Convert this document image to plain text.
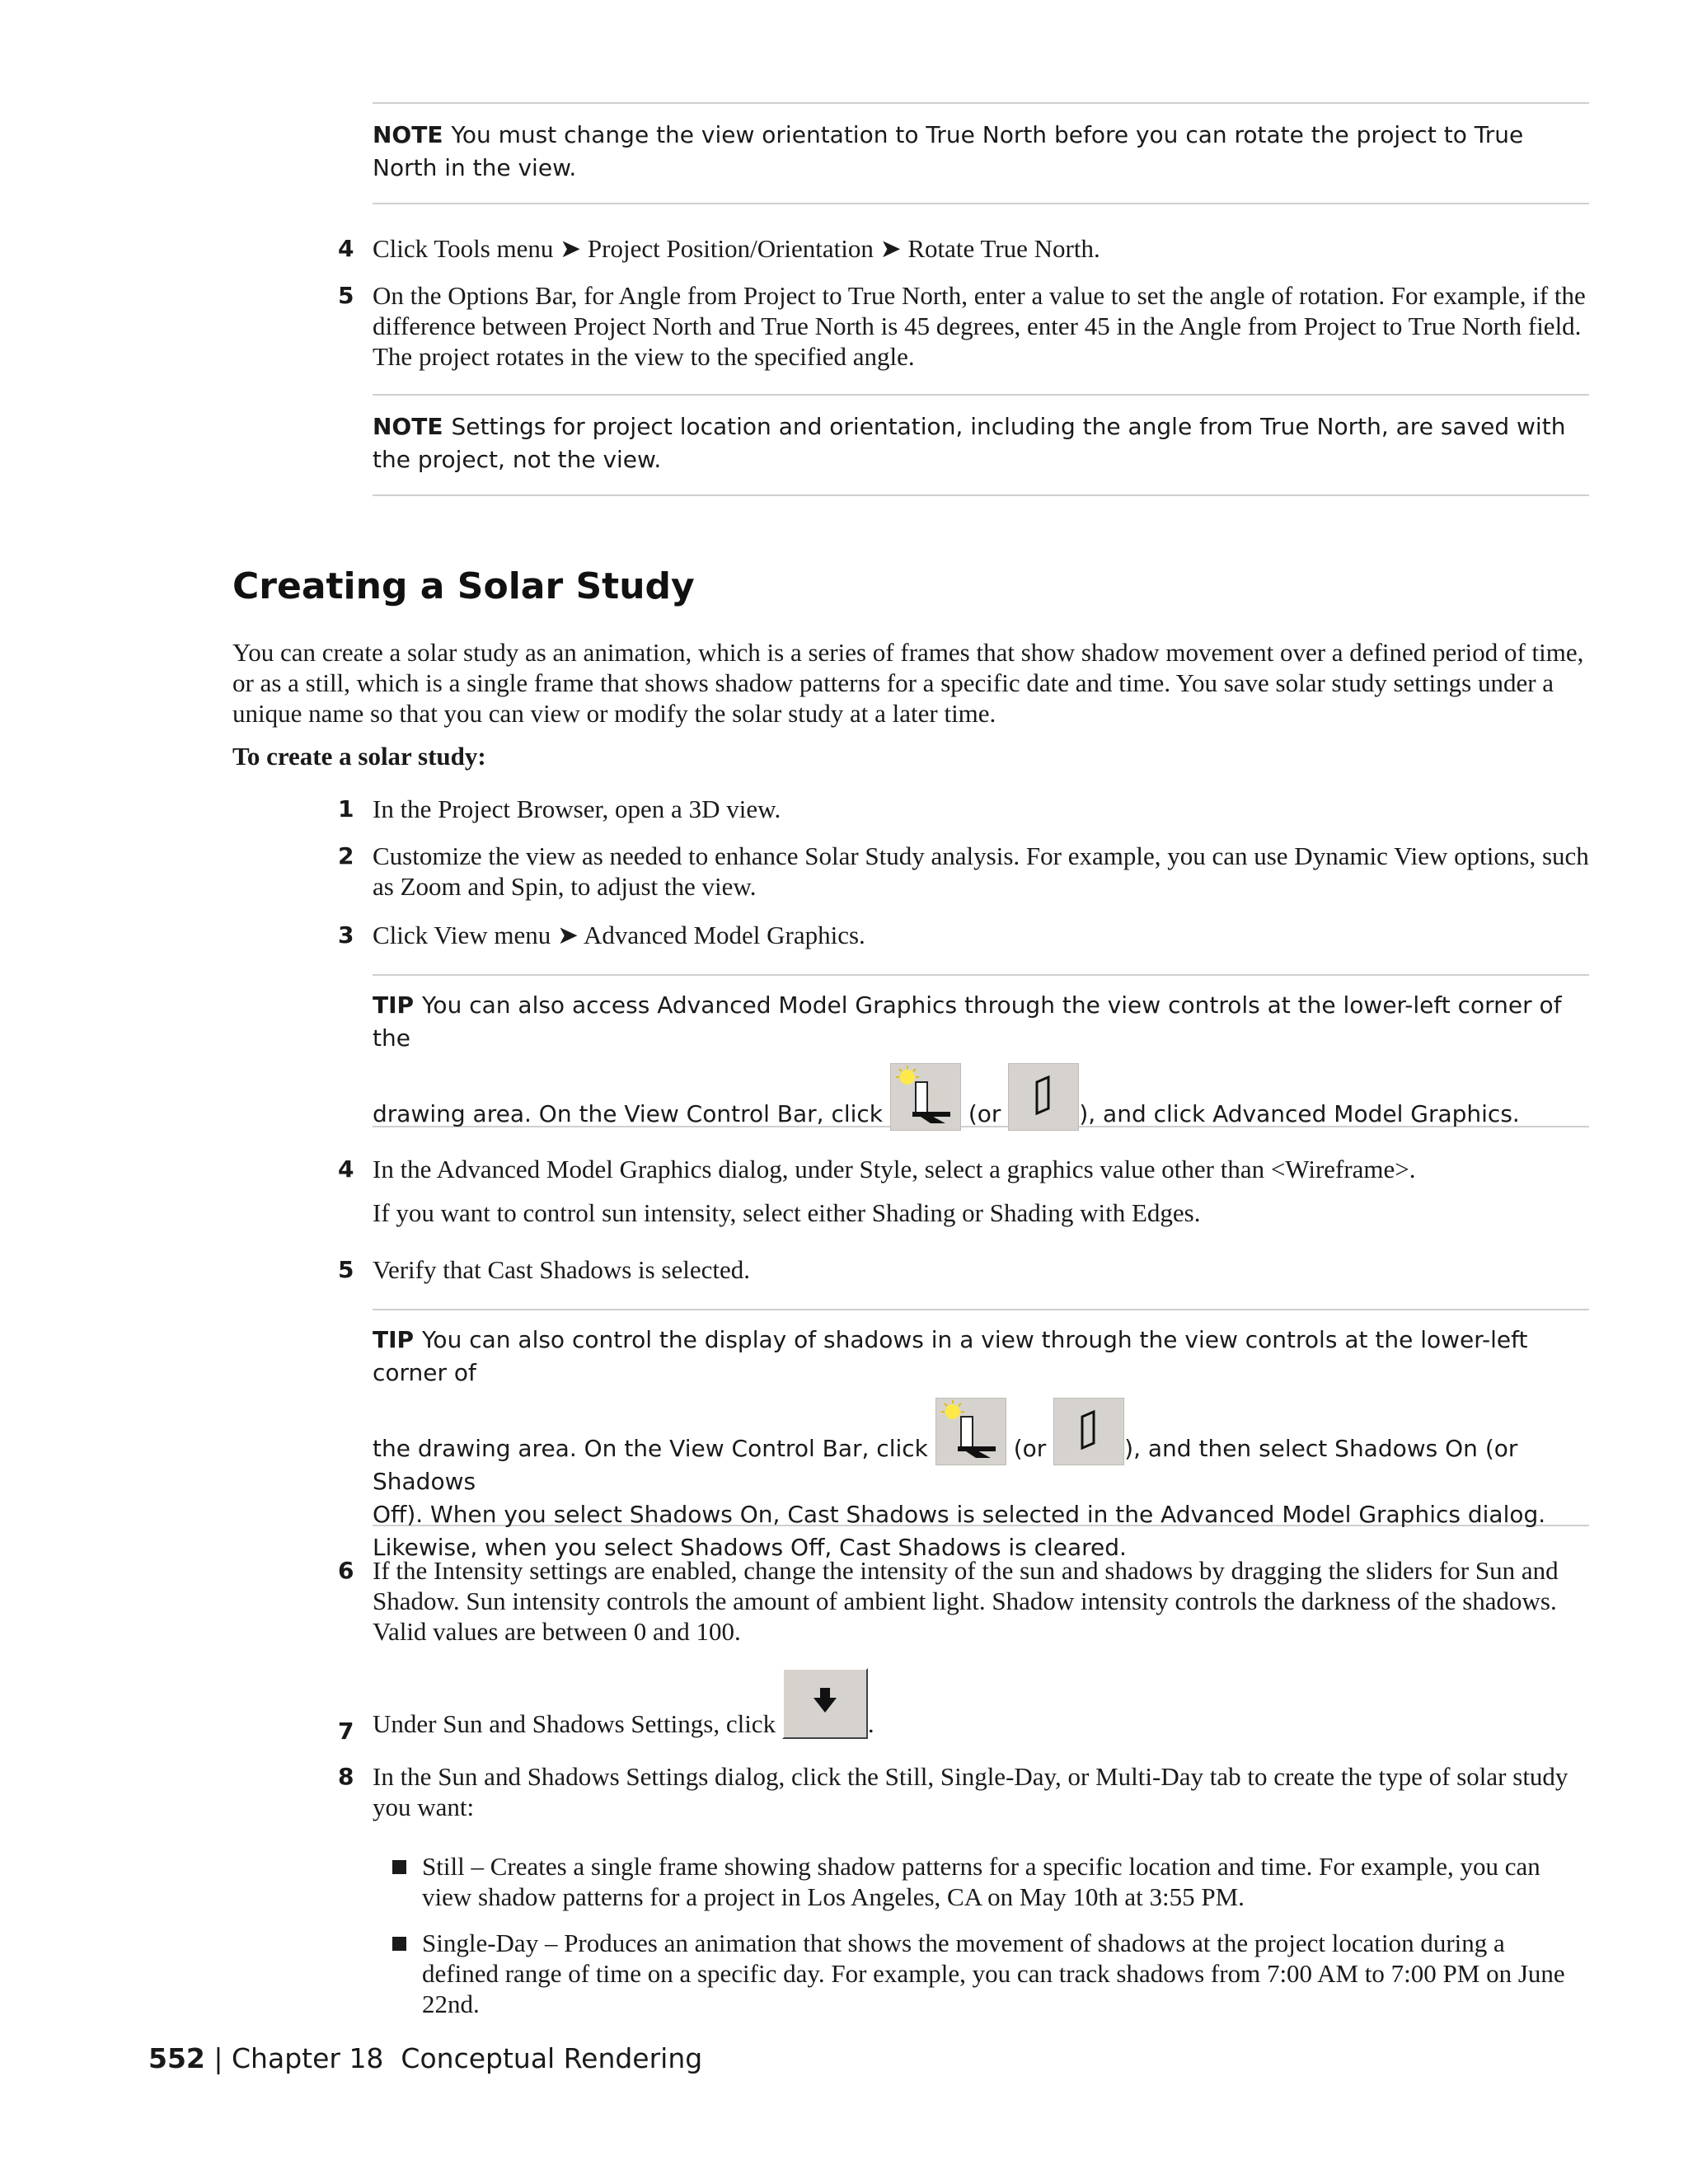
NOTE You must change the view orientation to True North before you can rotate the project to True North in the view.
4 Click Tools menu ➤ Project Position/Orientation ➤ Rotate True North.
5 On the Options Bar, for Angle from Project to True North, enter a value to set the angle of rotation. For example, if the difference between Project North and True North is 45 degrees, enter 45 in the Angle from Project to True North field. The project rotates in the view to the specified angle.
NOTE Settings for project location and orientation, including the angle from True North, are saved with the project, not the view.
Creating a Solar Study
You can create a solar study as an animation, which is a series of frames that show shadow movement over a defined period of time, or as a still, which is a single frame that shows shadow patterns for a specific date and time. You save solar study settings under a unique name so that you can view or modify the solar study at a later time.
To create a solar study:
1 In the Project Browser, open a 3D view.
2 Customize the view as needed to enhance Solar Study analysis. For example, you can use Dynamic View options, such as Zoom and Spin, to adjust the view.
3 Click View menu ➤ Advanced Model Graphics.
TIP You can also access Advanced Model Graphics through the view controls at the lower-left corner of the
drawing area. On the View Control Bar, click	(or	), and click Advanced Model Graphics.
4 In the Advanced Model Graphics dialog, under Style, select a graphics value other than <Wireframe>.
If you want to control sun intensity, select either Shading or Shading with Edges.
5 Verify that Cast Shadows is selected.
TIP You can also control the display of shadows in a view through the view controls at the lower-left corner of
the drawing area. On the View Control Bar, click	(or	), and then select Shadows On (or Shadows
Off). When you select Shadows On, Cast Shadows is selected in the Advanced Model Graphics dialog. Likewise, when you select Shadows Off, Cast Shadows is cleared.
6 If the Intensity settings are enabled, change the intensity of the sun and shadows by dragging the sliders for Sun and Shadow. Sun intensity controls the amount of ambient light. Shadow intensity controls the darkness of the shadows. Valid values are between 0 and 100.
7 Under Sun and Shadows Settings, click	.
8 In the Sun and Shadows Settings dialog, click the Still, Single-Day, or Multi-Day tab to create the type of solar study you want:
Still – Creates a single frame showing shadow patterns for a specific location and time. For example, you can view shadow patterns for a project in Los Angeles, CA on May 10th at 3:55 PM.
Single-Day – Produces an animation that shows the movement of shadows at the project location during a defined range of time on a specific day. For example, you can track shadows from 7:00 AM to 7:00 PM on June 22nd.
552 | Chapter 18 Conceptual Rendering
